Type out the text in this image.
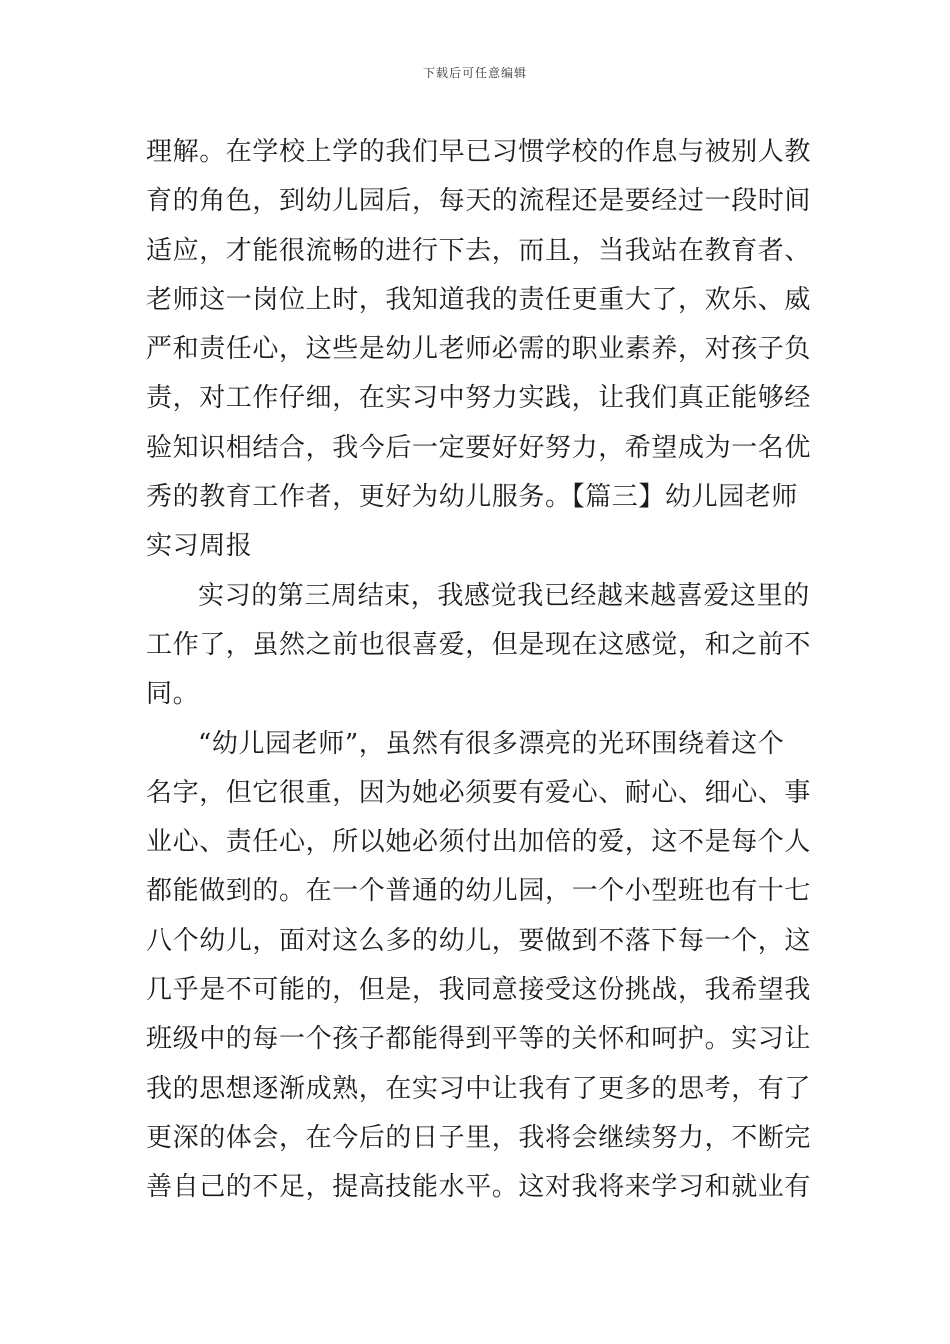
下载后可任意编辑
理解。在学校上学的我们早已习惯学校的作息与被别人教
育的角色，到幼儿园后，每天的流程还是要经过一段时间
适应，才能很流畅的进行下去，而且，当我站在教育者、
老师这一岗位上时，我知道我的责任更重大了，欢乐、威
严和责任心，这些是幼儿老师必需的职业素养，对孩子负
责，对工作仔细，在实习中努力实践，让我们真正能够经
验知识相结合，我今后一定要好好努力，希望成为一名优
秀的教育工作者，更好为幼儿服务。【篇三】幼儿园老师
实习周报
实习的第三周结束，我感觉我已经越来越喜爱这里的
工作了，虽然之前也很喜爱，但是现在这感觉，和之前不
同。
“幼儿园老师”，虽然有很多漂亮的光环围绕着这个
名字，但它很重，因为她必须要有爱心、耐心、细心、事
业心、责任心，所以她必须付出加倍的爱，这不是每个人
都能做到的。在一个普通的幼儿园，一个小型班也有十七
八个幼儿，面对这么多的幼儿，要做到不落下每一个，这
几乎是不可能的，但是，我同意接受这份挑战，我希望我
班级中的每一个孩子都能得到平等的关怀和呵护。实习让
我的思想逐渐成熟，在实习中让我有了更多的思考，有了
更深的体会，在今后的日子里，我将会继续努力，不断完
善自己的不足，提高技能水平。这对我将来学习和就业有
